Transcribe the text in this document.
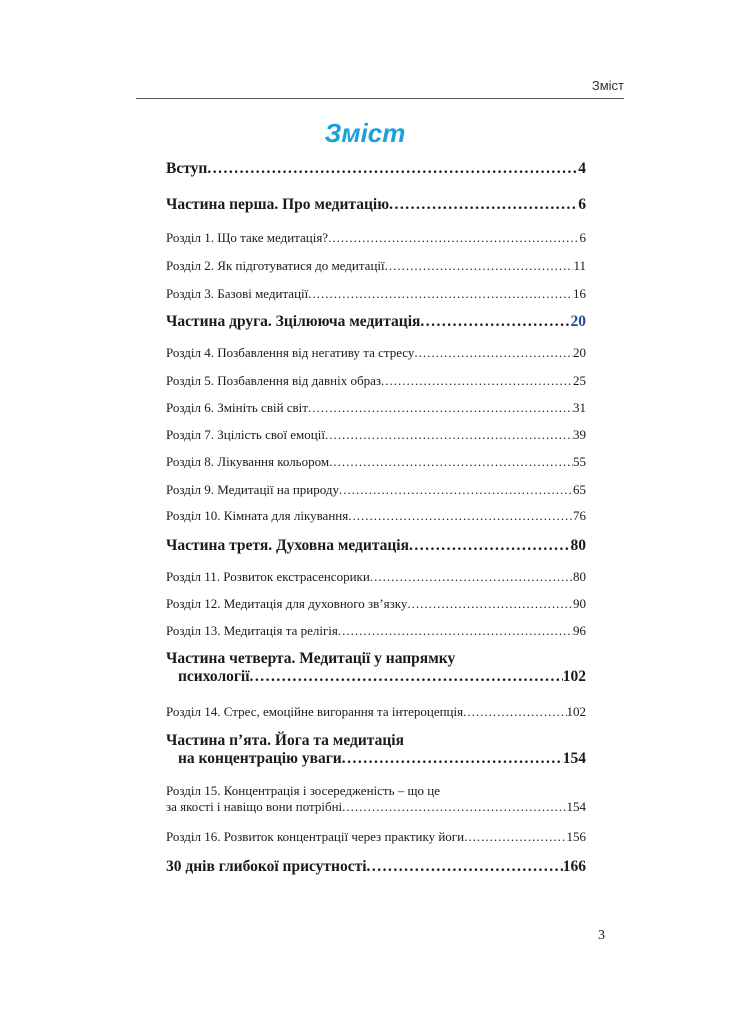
Зміст
Зміст
Вступ .....	4
Частина перша. Про медитацію .....	6
Розділ 1. Що таке медитація? .....	6
Розділ 2. Як підготуватися до медитації .....	11
Розділ 3. Базові медитації .....	16
Частина друга. Зцілююча медитація .....	20
Розділ 4. Позбавлення від негативу та стресу .....	20
Розділ 5. Позбавлення від давніх образ .....	25
Розділ 6. Змініть свій світ .....	31
Розділ 7. Зцілість свої емоції .....	39
Розділ 8. Лікування кольором .....	55
Розділ 9. Медитації на природу .....	65
Розділ 10. Кімната для лікування .....	76
Частина третя. Духовна медитація .....	80
Розділ 11. Розвиток екстрасенсорики .....	80
Розділ 12. Медитація для духовного зв’язку .....	90
Розділ 13. Медитація та релігія .....	96
Частина четверта. Медитації у напрямку
психології .....	102
Розділ 14. Стрес, емоційне вигорання та інтероцепція .....	102
Частина п’ята. Йога та медитація
на концентрацію уваги .....	154
Розділ 15. Концентрація і зосередженість – що це
за якості і навіщо вони потрібні .....	154
Розділ 16. Розвиток концентрації через практику йоги .....	156
30 днів глибокої присутності .....	166
3
